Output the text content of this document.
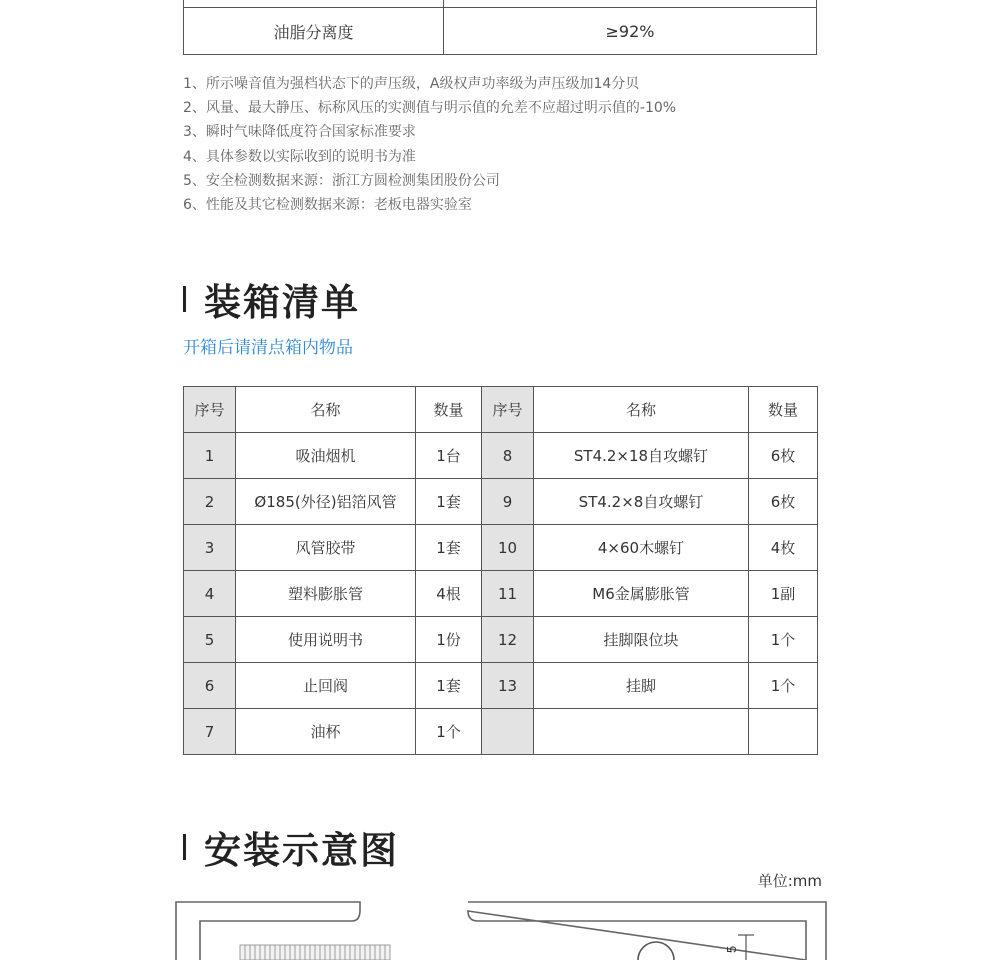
油脂分离度	≥92%
1、所示噪音值为强档状态下的声压级，A级权声功率级为声压级加14分贝
2、风量、最大静压、标称风压的实测值与明示值的允差不应超过明示值的-10%
3、瞬时气味降低度符合国家标准要求
4、具体参数以实际收到的说明书为准
5、安全检测数据来源：浙江方圆检测集团股份公司
6、性能及其它检测数据来源：老板电器实验室
装箱清单
开箱后请清点箱内物品
序号	名称	数量	序号	名称	数量
1	吸油烟机	1台	8	ST4.2×18自攻螺钉	6枚
2	Ø185(外径)铝箔风管	1套	9	ST4.2×8自攻螺钉	6枚
3	风管胶带	1套	10	4×60木螺钉	4枚
4	塑料膨胀管	4根	11	M6金属膨胀管	1副
5	使用说明书	1份	12	挂脚限位块	1个
6	止回阀	1套	13	挂脚	1个
7	油杯	1个			
安装示意图
单位:mm
5
